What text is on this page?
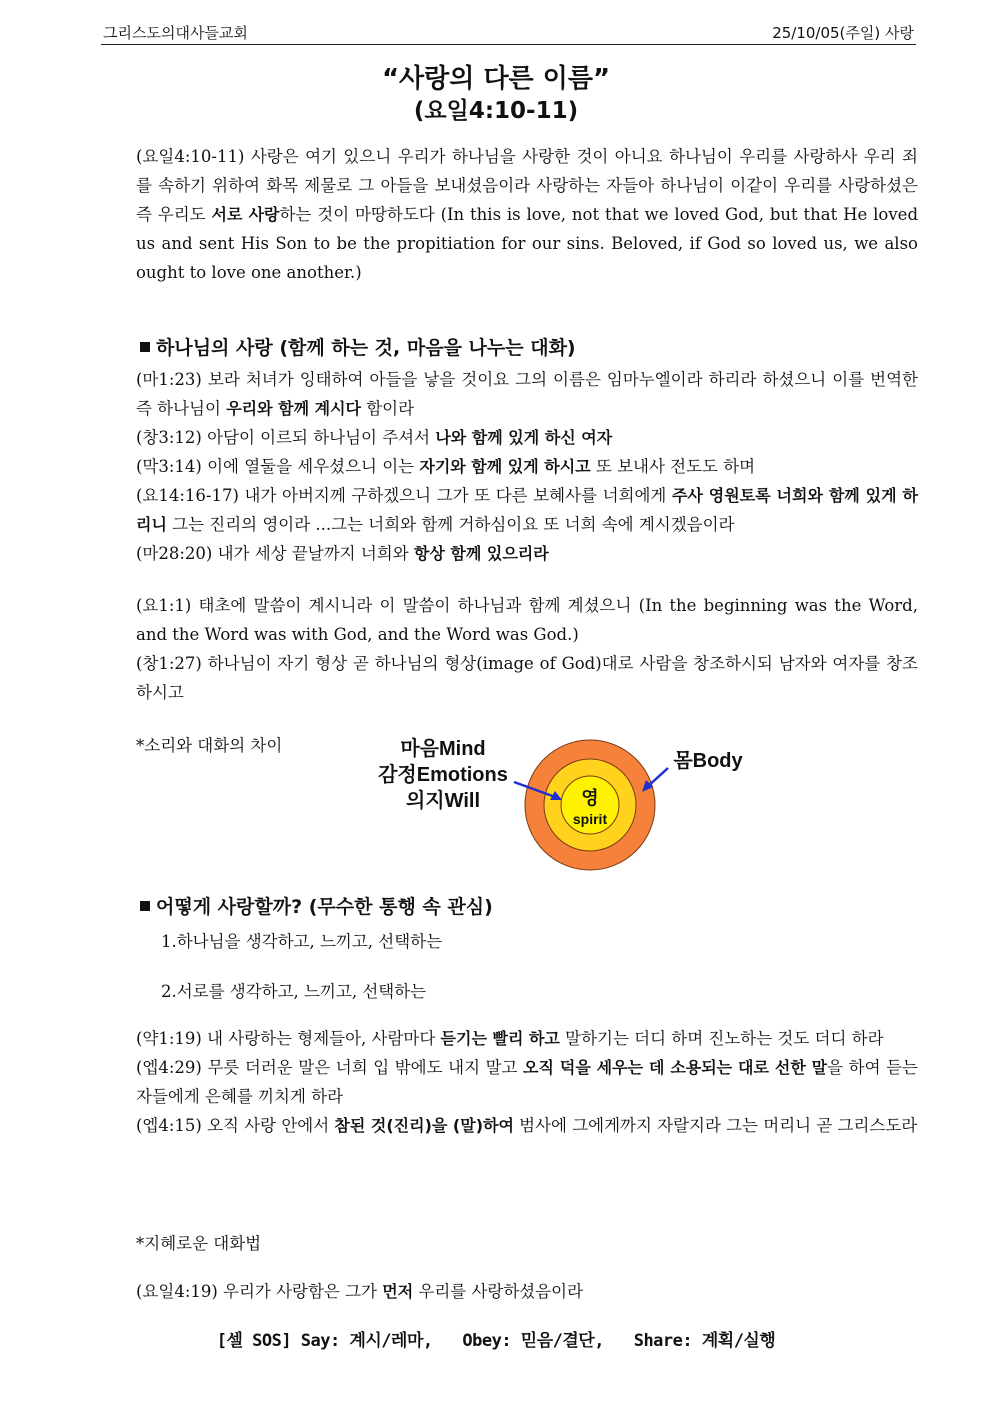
그리스도의대사들교회	25/10/05(주일) 사랑
“사랑의 다른 이름”
(요일4:10-11)
(요일4:10-11) 사랑은 여기 있으니 우리가 하나님을 사랑한 것이 아니요 하나님이 우리를 사랑하사 우리 죄를 속하기 위하여 화목 제물로 그 아들을 보내셨음이라 사랑하는 자들아 하나님이 이같이 우리를 사랑하셨은즉 우리도 서로 사랑하는 것이 마땅하도다 (In this is love, not that we loved God, but that He loved us and sent His Son to be the propitiation for our sins. Beloved, if God so loved us, we also ought to love one another.)
하나님의 사랑 (함께 하는 것, 마음을 나누는 대화)
(마1:23) 보라 처녀가 잉태하여 아들을 낳을 것이요 그의 이름은 임마누엘이라 하리라 하셨으니 이를 번역한즉 하나님이 우리와 함께 계시다 함이라
(창3:12) 아담이 이르되 하나님이 주셔서 나와 함께 있게 하신 여자
(막3:14) 이에 열둘을 세우셨으니 이는 자기와 함께 있게 하시고 또 보내사 전도도 하며
(요14:16-17) 내가 아버지께 구하겠으니 그가 또 다른 보혜사를 너희에게 주사 영원토록 너희와 함께 있게 하리니 그는 진리의 영이라 ...그는 너희와 함께 거하심이요 또 너희 속에 계시겠음이라
(마28:20) 내가 세상 끝날까지 너희와 항상 함께 있으리라
(요1:1) 태초에 말씀이 계시니라 이 말씀이 하나님과 함께 계셨으니 (In the beginning was the Word, and the Word was with God, and the Word was God.)
(창1:27) 하나님이 자기 형상 곧 하나님의 형상(image of God)대로 사람을 창조하시되 남자와 여자를 창조하시고
*소리와 대화의 차이	마음Mind
감정Emotions
의지Will
몸Body
영
spirit
어떻게 사랑할까? (무수한 통행 속 관심)
1.하나님을 생각하고, 느끼고, 선택하는
2.서로를 생각하고, 느끼고, 선택하는
(약1:19) 내 사랑하는 형제들아, 사람마다 듣기는 빨리 하고 말하기는 더디 하며 진노하는 것도 더디 하라
(엡4:29) 무릇 더러운 말은 너희 입 밖에도 내지 말고 오직 덕을 세우는 데 소용되는 대로 선한 말을 하여 듣는 자들에게 은혜를 끼치게 하라
(엡4:15) 오직 사랑 안에서 참된 것(진리)을 (말)하여 범사에 그에게까지 자랄지라 그는 머리니 곧 그리스도라
*지혜로운 대화법
(요일4:19) 우리가 사랑함은 그가 먼저 우리를 사랑하셨음이라
[셀 SOS] Say: 계시/레마, Obey: 믿음/결단, Share: 계획/실행
